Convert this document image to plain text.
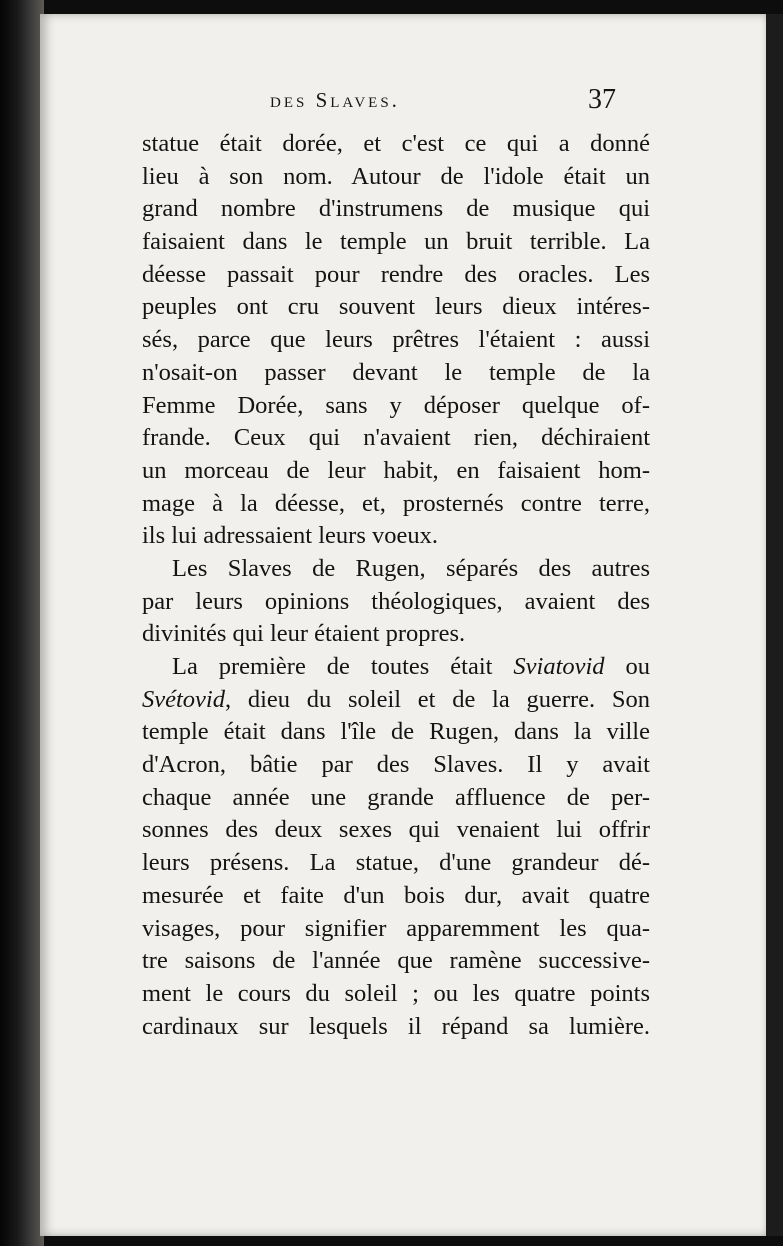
des Slaves.	37
statue était dorée, et c'est ce qui a donné
lieu à son nom. Autour de l'idole était un
grand nombre d'instrumens de musique qui
faisaient dans le temple un bruit terrible. La
déesse passait pour rendre des oracles. Les
peuples ont cru souvent leurs dieux intéres-
sés, parce que leurs prêtres l'étaient : aussi
n'osait-on passer devant le temple de la
Femme Dorée, sans y déposer quelque of-
frande. Ceux qui n'avaient rien, déchiraient
un morceau de leur habit, en faisaient hom-
mage à la déesse, et, prosternés contre terre,
ils lui adressaient leurs voeux.
Les Slaves de Rugen, séparés des autres
par leurs opinions théologiques, avaient des
divinités qui leur étaient propres.
La première de toutes était Sviatovid ou
Svétovid, dieu du soleil et de la guerre. Son
temple était dans l'île de Rugen, dans la ville
d'Acron, bâtie par des Slaves. Il y avait
chaque année une grande affluence de per-
sonnes des deux sexes qui venaient lui offrir
leurs présens. La statue, d'une grandeur dé-
mesurée et faite d'un bois dur, avait quatre
visages, pour signifier apparemment les qua-
tre saisons de l'année que ramène successive-
ment le cours du soleil ; ou les quatre points
cardinaux sur lesquels il répand sa lumière.
